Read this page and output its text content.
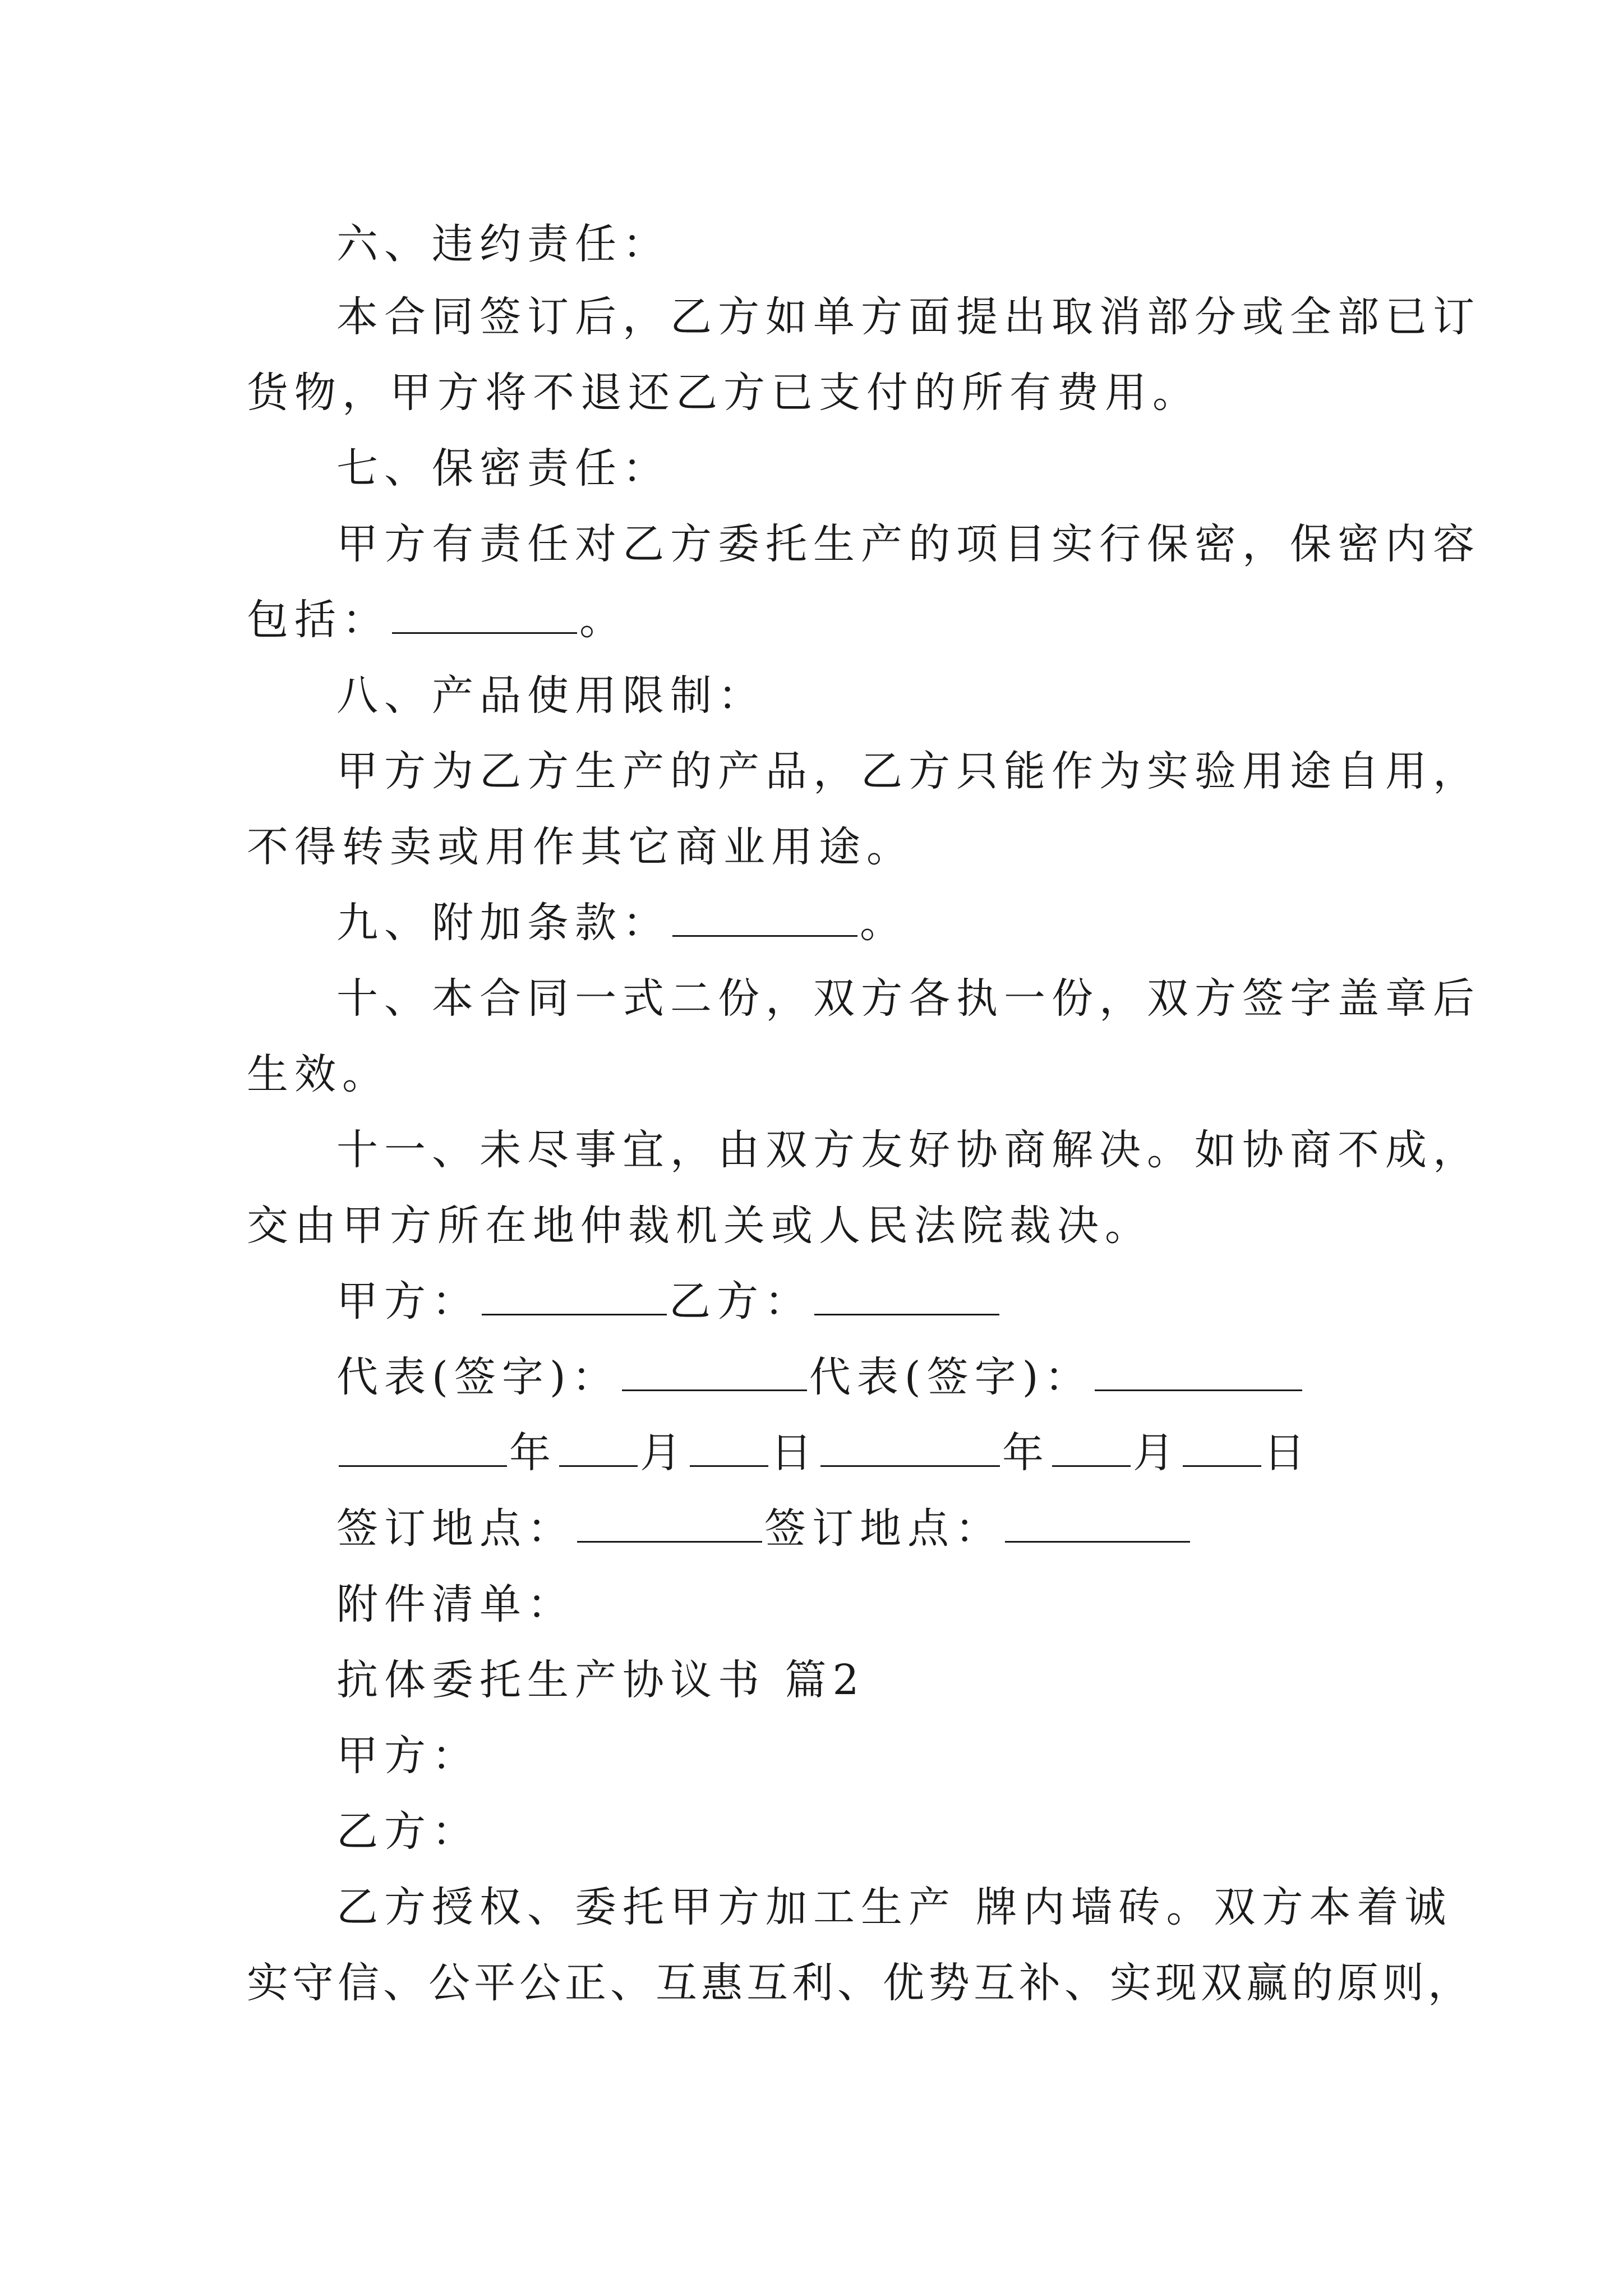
六、违约责任：
本合同签订后，乙方如单方面提出取消部分或全部已订
货物，甲方将不退还乙方已支付的所有费用。
七、保密责任：
甲方有责任对乙方委托生产的项目实行保密，保密内容
包括：	。
八、产品使用限制：
甲方为乙方生产的产品，乙方只能作为实验用途自用，
不得转卖或用作其它商业用途。
九、附加条款：	。
十、本合同一式二份，双方各执一份，双方签字盖章后
生效。
十一、未尽事宜，由双方友好协商解决。如协商不成，
交由甲方所在地仲裁机关或人民法院裁决。
甲方：	乙方：
代表(签字)：	代表(签字)：
年 月 日	年 月 日
签订地点：	签订地点：
附件清单：
抗体委托生产协议书 篇2
甲方：
乙方：
乙方授权、委托甲方加工生产 牌内墙砖。双方本着诚
实守信、公平公正、互惠互利、优势互补、实现双赢的原则，
